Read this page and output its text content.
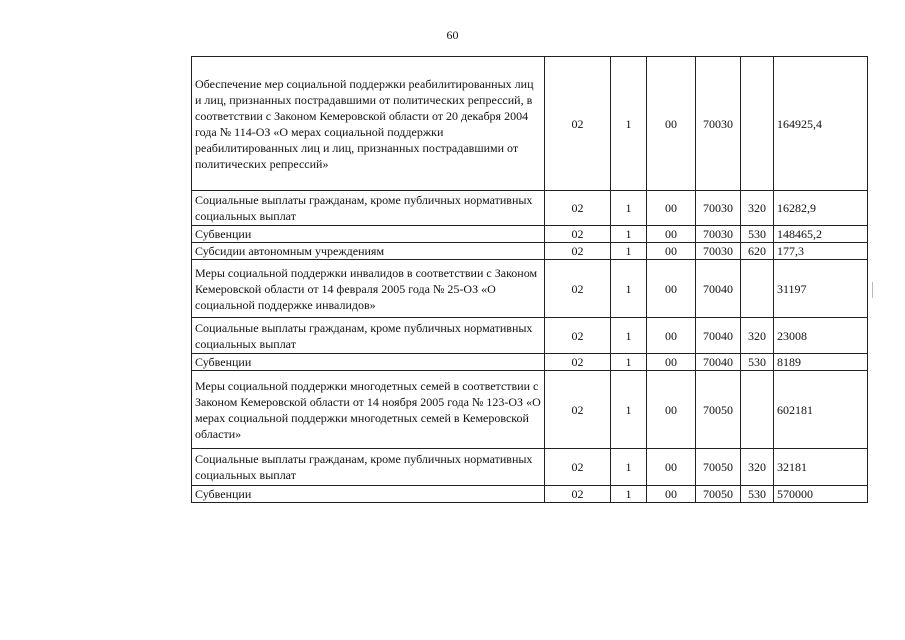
60
Обеспечение мер социальной поддержки реабилитированных лиц и лиц, признанных пострадавшими от политических репрессий, в соответствии с Законом Кемеровской области от 20 декабря 2004 года № 114-ОЗ «О мерах социальной поддержки реабилитированных лиц и лиц, признанных пострадавшими от политических репрессий»	02	1	00	70030		164925,4
Социальные выплаты гражданам, кроме публичных нормативных социальных выплат	02	1	00	70030	320	16282,9
Субвенции	02	1	00	70030	530	148465,2
Субсидии автономным учреждениям	02	1	00	70030	620	177,3
Меры социальной поддержки инвалидов в соответствии с Законом Кемеровской области от 14 февраля 2005 года № 25-ОЗ «О социальной поддержке инвалидов»	02	1	00	70040		31197
Социальные выплаты гражданам, кроме публичных нормативных социальных выплат	02	1	00	70040	320	23008
Субвенции	02	1	00	70040	530	8189
Меры социальной поддержки многодетных семей в соответствии с Законом Кемеровской области от 14 ноября 2005 года № 123-ОЗ «О мерах социальной поддержки многодетных семей в Кемеровской области»	02	1	00	70050		602181
Социальные выплаты гражданам, кроме публичных нормативных социальных выплат	02	1	00	70050	320	32181
Субвенции	02	1	00	70050	530	570000
